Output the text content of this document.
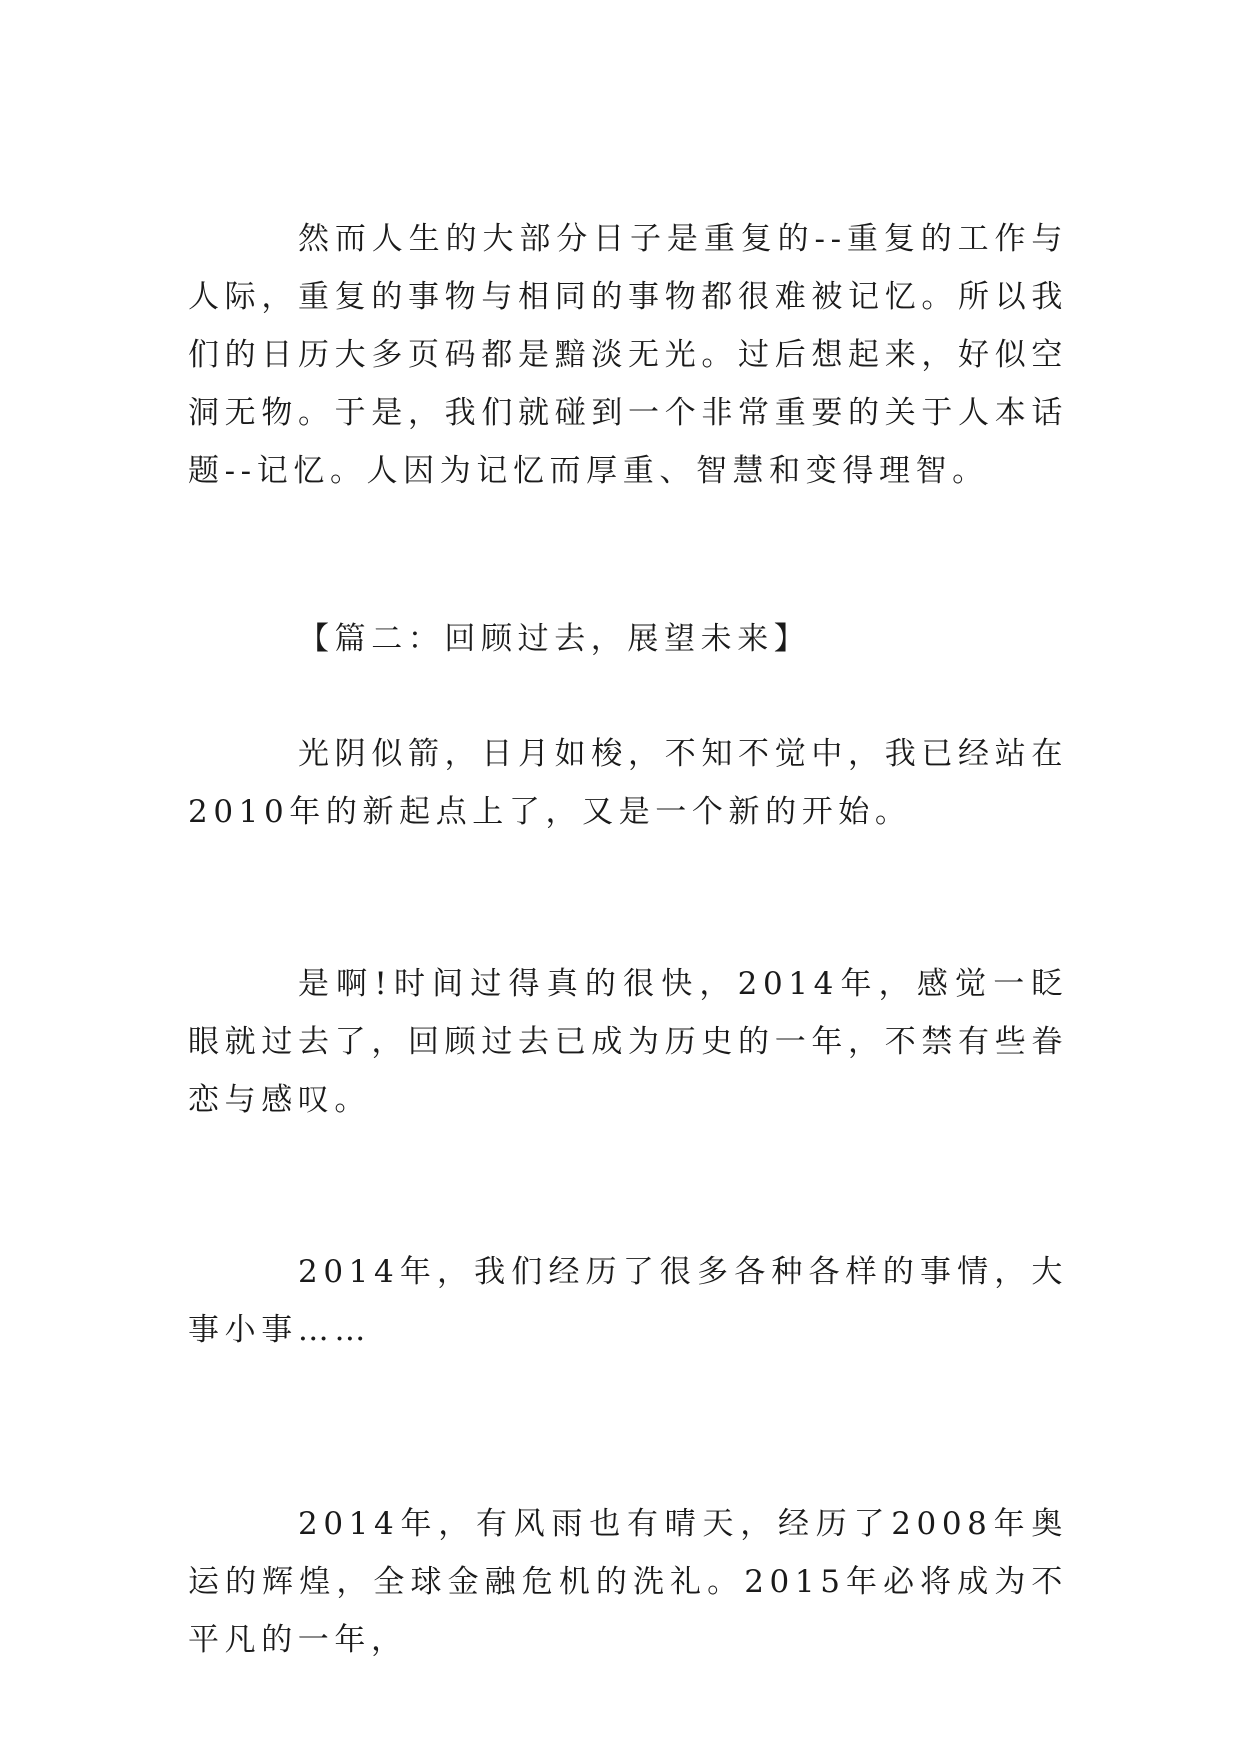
然而人生的大部分日子是重复的--重复的工作与人际，重复的事物与相同的事物都很难被记忆。所以我们的日历大多页码都是黯淡无光。过后想起来，好似空洞无物。于是，我们就碰到一个非常重要的关于人本话题--记忆。人因为记忆而厚重、智慧和变得理智。

【篇二：回顾过去，展望未来】

光阴似箭，日月如梭，不知不觉中，我已经站在2010年的新起点上了，又是一个新的开始。

是啊!时间过得真的很快，2014年，感觉一眨眼就过去了，回顾过去已成为历史的一年，不禁有些眷恋与感叹。

2014年，我们经历了很多各种各样的事情，大事小事……

2014年，有风雨也有晴天，经历了2008年奥运的辉煌，全球金融危机的洗礼。2015年必将成为不平凡的一年，
